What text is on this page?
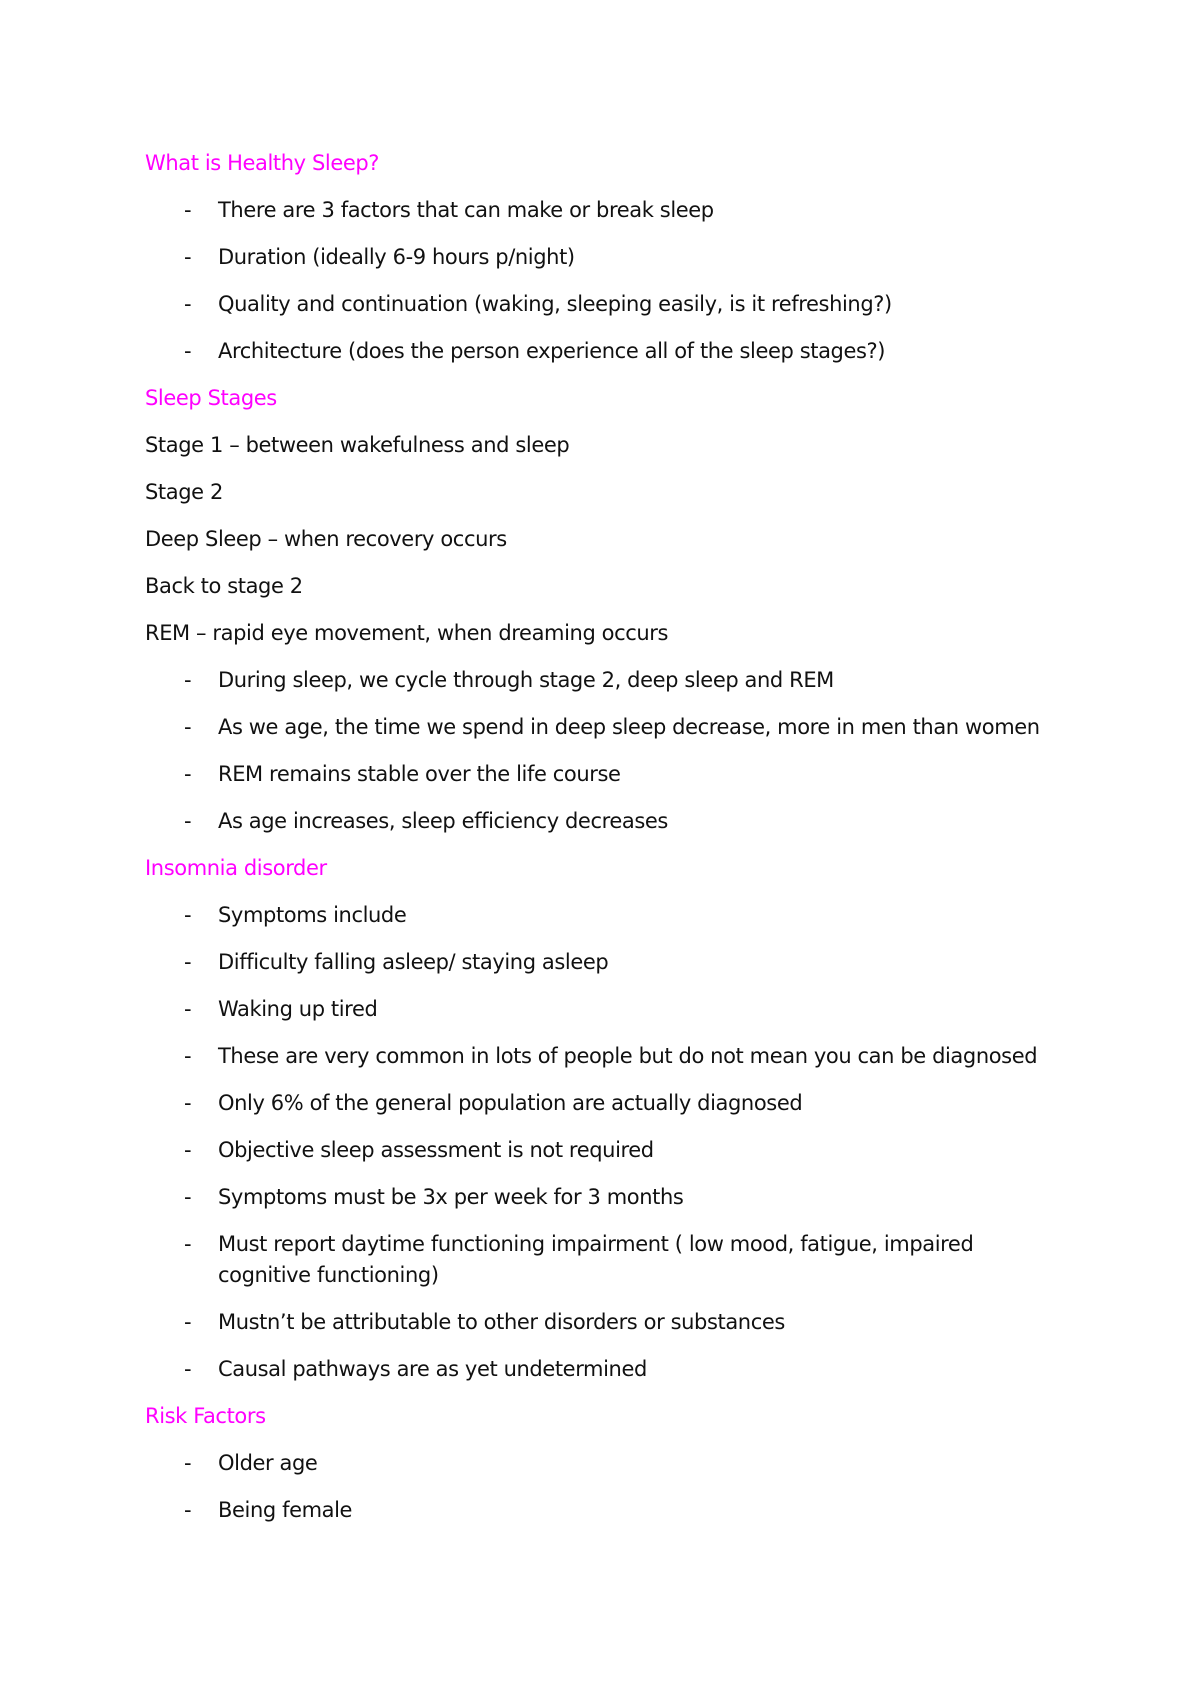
What is Healthy Sleep?
- There are 3 factors that can make or break sleep
- Duration (ideally 6-9 hours p/night)
- Quality and continuation (waking, sleeping easily, is it refreshing?)
- Architecture (does the person experience all of the sleep stages?)
Sleep Stages
Stage 1 – between wakefulness and sleep
Stage 2
Deep Sleep – when recovery occurs
Back to stage 2
REM – rapid eye movement, when dreaming occurs
- During sleep, we cycle through stage 2, deep sleep and REM
- As we age, the time we spend in deep sleep decrease, more in men than women
- REM remains stable over the life course
- As age increases, sleep efficiency decreases
Insomnia disorder
- Symptoms include
- Difficulty falling asleep/ staying asleep
- Waking up tired
- These are very common in lots of people but do not mean you can be diagnosed
- Only 6% of the general population are actually diagnosed
- Objective sleep assessment is not required
- Symptoms must be 3x per week for 3 months
- Must report daytime functioning impairment ( low mood, fatigue, impaired cognitive functioning)
- Mustn’t be attributable to other disorders or substances
- Causal pathways are as yet undetermined
Risk Factors
- Older age
- Being female
